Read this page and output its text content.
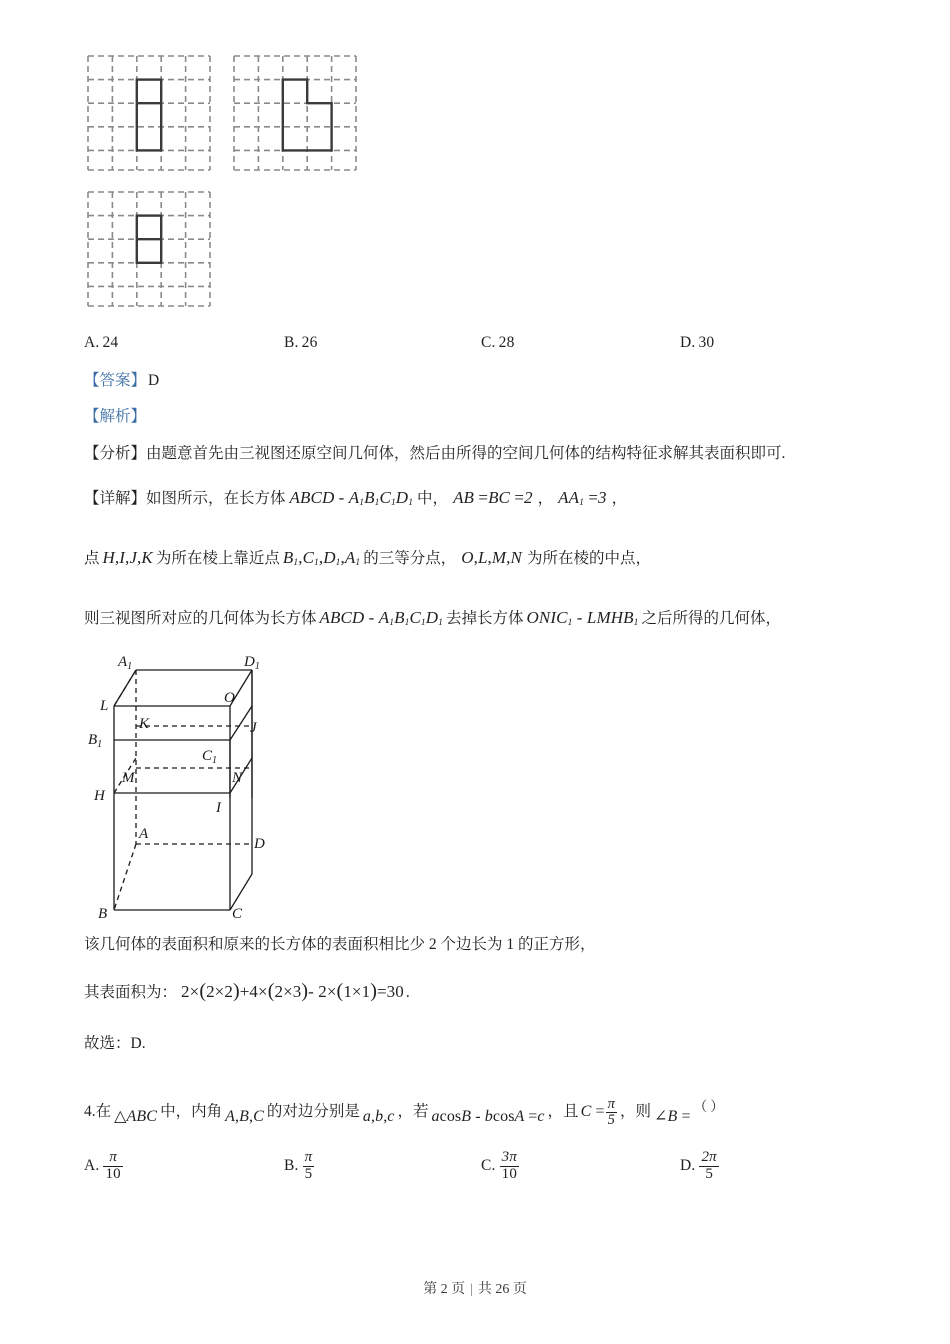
A. 24	B. 26	C. 28	D. 30
【答案】 D
【解析】
【分析】由题意首先由三视图还原空间几何体，然后由所得的空间几何体的结构特征求解其表面积即可.
【详解】如图所示，在长方体 ABCD - $A_1B_1C_1D_1$ 中， AB =BC =2 ， $AA_1 =3$ ，
点 H,I,J,K 为所在棱上靠近点 $B_1,C_1,D_1,A_1$ 的三等分点， O,L,M,N 为所在棱的中点，
则三视图所对应的几何体为长方体 ABCD - $A_1B_1C_1D_1$ 去掉长方体 $ONIC_1$ - $LMHB_1$ 之后所得的几何体，
$A_1$	$D_1$
L	O
K	J
$B_1$
$C_1$
M	N
H
I
A
D
B	C
该几何体的表面积和原来的长方体的表面积相比少 2 个边长为 1 的正方形，
其表面积为： 2×(2×2)+4×(2×3)- 2×(1×1)=30 .
故选：D.
4.在 △ABC 中，内角 A,B,C 的对边分别是 a,b,c ，若 acosB - bcosA =c ，且 $C = \frac{\pi}{5}$ ，则 ∠B =（ ）
A. $\frac{\pi}{10}$	B. $\frac{\pi}{5}$	C. $\frac{3\pi}{10}$	D. $\frac{2\pi}{5}$
第 2 页 | 共 26 页
